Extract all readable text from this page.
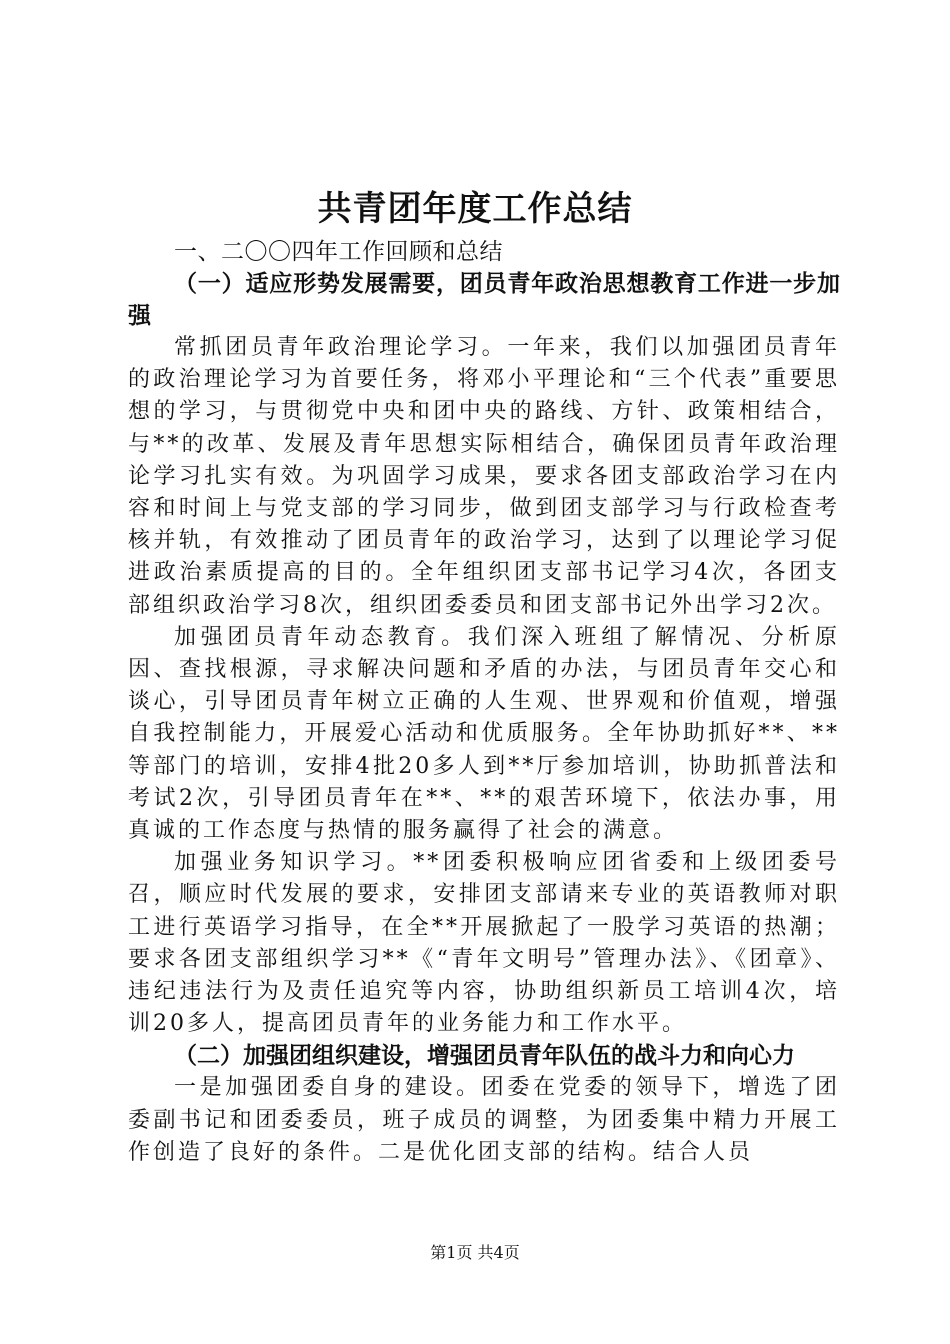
共青团年度工作总结

一、二〇〇四年工作回顾和总结

（一）适应形势发展需要，团员青年政治思想教育工作进一步加强

常抓团员青年政治理论学习。一年来，我们以加强团员青年的政治理论学习为首要任务，将邓小平理论和“三个代表”重要思想的学习，与贯彻党中央和团中央的路线、方针、政策相结合，与**的改革、发展及青年思想实际相结合，确保团员青年政治理论学习扎实有效。为巩固学习成果，要求各团支部政治学习在内容和时间上与党支部的学习同步，做到团支部学习与行政检查考核并轨，有效推动了团员青年的政治学习，达到了以理论学习促进政治素质提高的目的。全年组织团支部书记学习4次，各团支部组织政治学习8次，组织团委委员和团支部书记外出学习2次。

加强团员青年动态教育。我们深入班组了解情况、分析原因、查找根源，寻求解决问题和矛盾的办法，与团员青年交心和谈心，引导团员青年树立正确的人生观、世界观和价值观，增强自我控制能力，开展爱心活动和优质服务。全年协助抓好**、**等部门的培训，安排4批20多人到**厅参加培训，协助抓普法和考试2次，引导团员青年在**、**的艰苦环境下，依法办事，用真诚的工作态度与热情的服务赢得了社会的满意。

加强业务知识学习。**团委积极响应团省委和上级团委号召，顺应时代发展的要求，安排团支部请来专业的英语教师对职工进行英语学习指导，在全**开展掀起了一股学习英语的热潮；要求各团支部组织学习**《“青年文明号”管理办法》、《团章》、违纪违法行为及责任追究等内容，协助组织新员工培训4次，培训20多人，提高团员青年的业务能力和工作水平。

（二）加强团组织建设，增强团员青年队伍的战斗力和向心力

一是加强团委自身的建设。团委在党委的领导下，增选了团委副书记和团委委员，班子成员的调整，为团委集中精力开展工作创造了良好的条件。二是优化团支部的结构。结合人员

第1页 共4页
